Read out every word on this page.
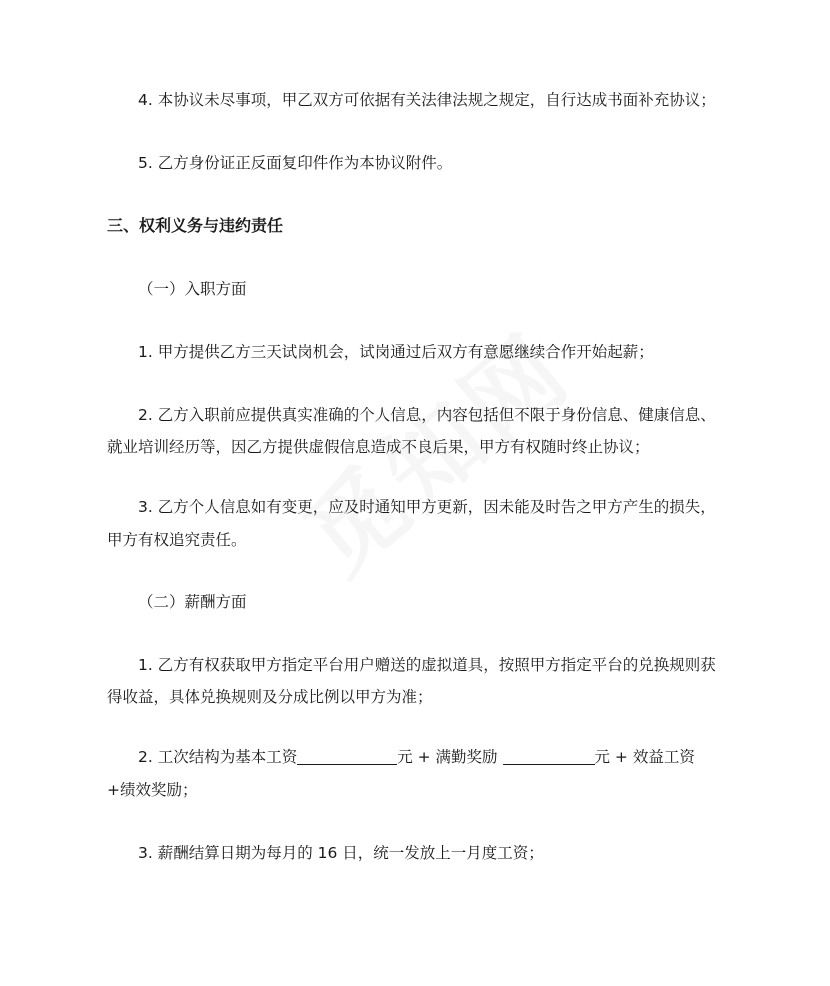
4. 本协议未尽事项，甲乙双方可依据有关法律法规之规定，自行达成书面补充协议；
5. 乙方身份证正反面复印件作为本协议附件。
三、权利义务与违约责任
（一）入职方面
1. 甲方提供乙方三天试岗机会，试岗通过后双方有意愿继续合作开始起薪；
2. 乙方入职前应提供真实准确的个人信息，内容包括但不限于身份信息、健康信息、
就业培训经历等，因乙方提供虚假信息造成不良后果，甲方有权随时终止协议；
3. 乙方个人信息如有变更，应及时通知甲方更新，因未能及时告之甲方产生的损失，
甲方有权追究责任。
（二）薪酬方面
1. 乙方有权获取甲方指定平台用户赠送的虚拟道具，按照甲方指定平台的兑换规则获
得收益，具体兑换规则及分成比例以甲方为准；
2. 工次结构为基本工资	元 + 满勤奖励	元 + 效益工资
+绩效奖励；
3. 薪酬结算日期为每月的 16 日，统一发放上一月度工资；
